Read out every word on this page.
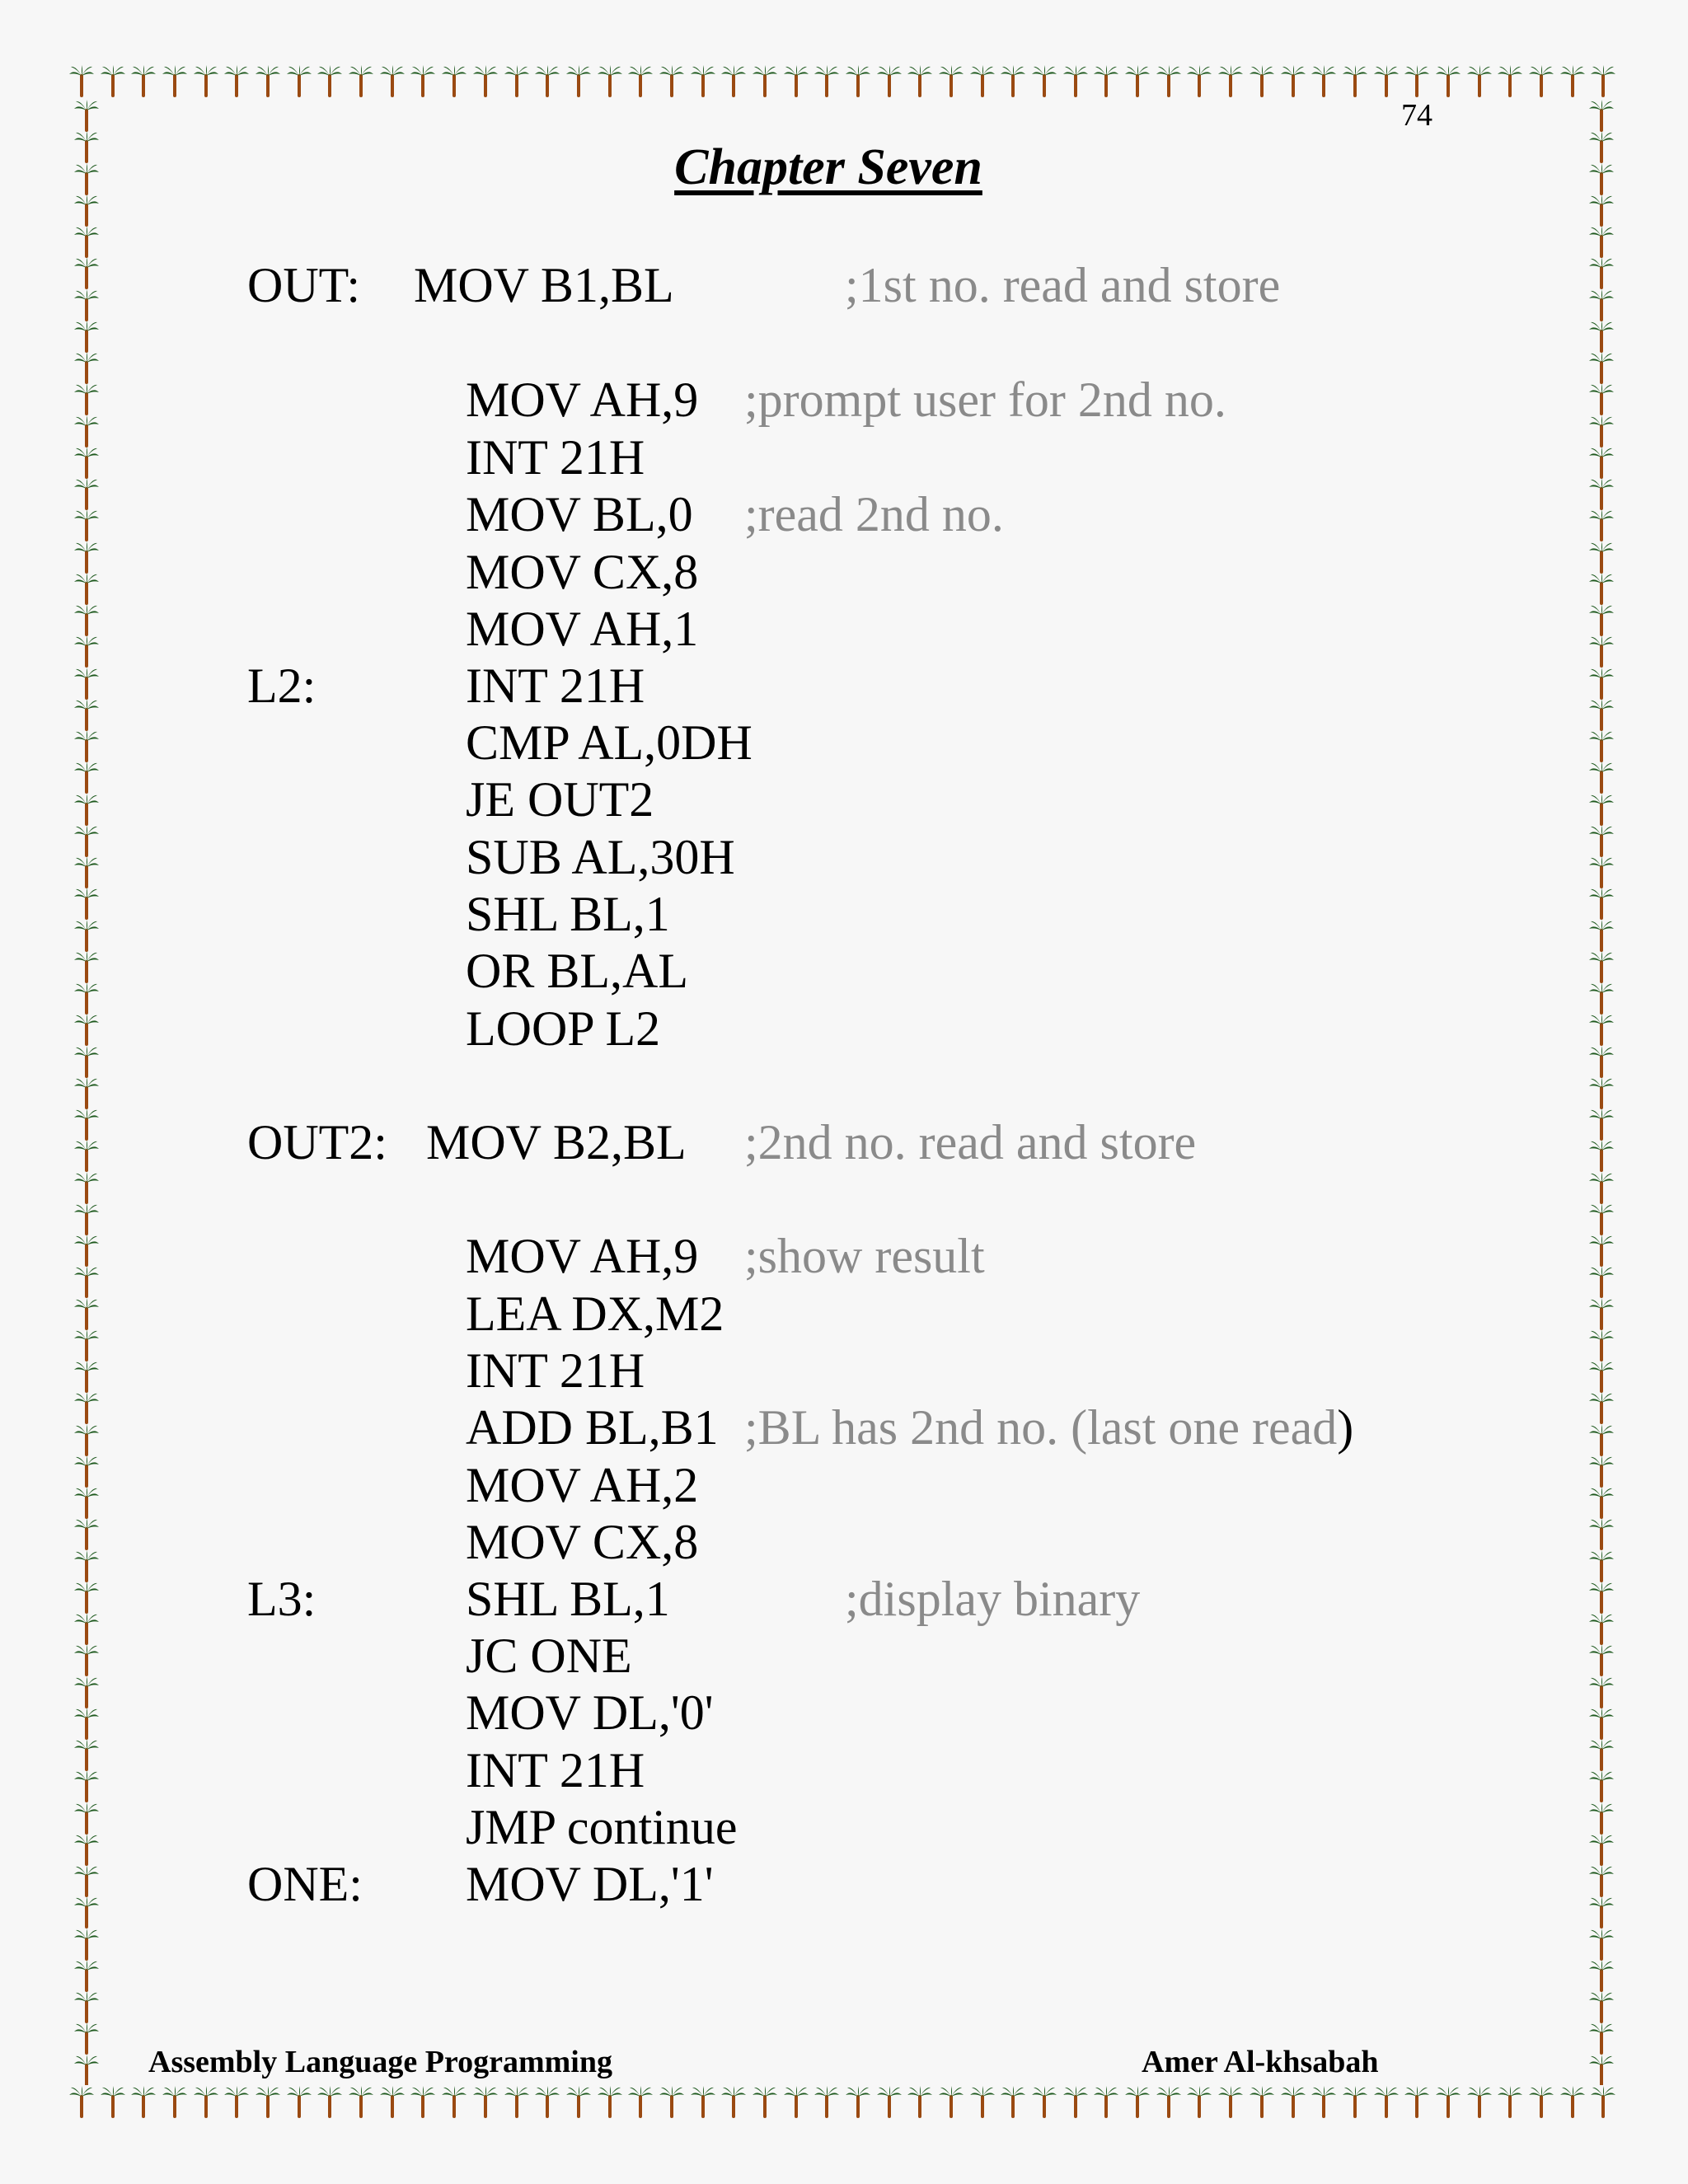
74
Chapter Seven
OUT: MOV B1,BL	;1st no. read and store
MOV AH,9 ;prompt user for 2nd no.
INT 21H
MOV BL,0 ;read 2nd no.
MOV CX,8
MOV AH,1
L2:	INT 21H
CMP AL,0DH
JE OUT2
SUB AL,30H
SHL BL,1
OR BL,AL
LOOP L2
OUT2: MOV B2,BL ;2nd no. read and store
MOV AH,9 ;show result
LEA DX,M2
INT 21H
ADD BL,B1 ;BL has 2nd no. (last one read)
MOV AH,2
MOV CX,8
L3:	SHL BL,1	;display binary
JC ONE
MOV DL,'0'
INT 21H
JMP continue
ONE: MOV DL,'1'
Assembly Language Programming	Amer Al-khsabah
